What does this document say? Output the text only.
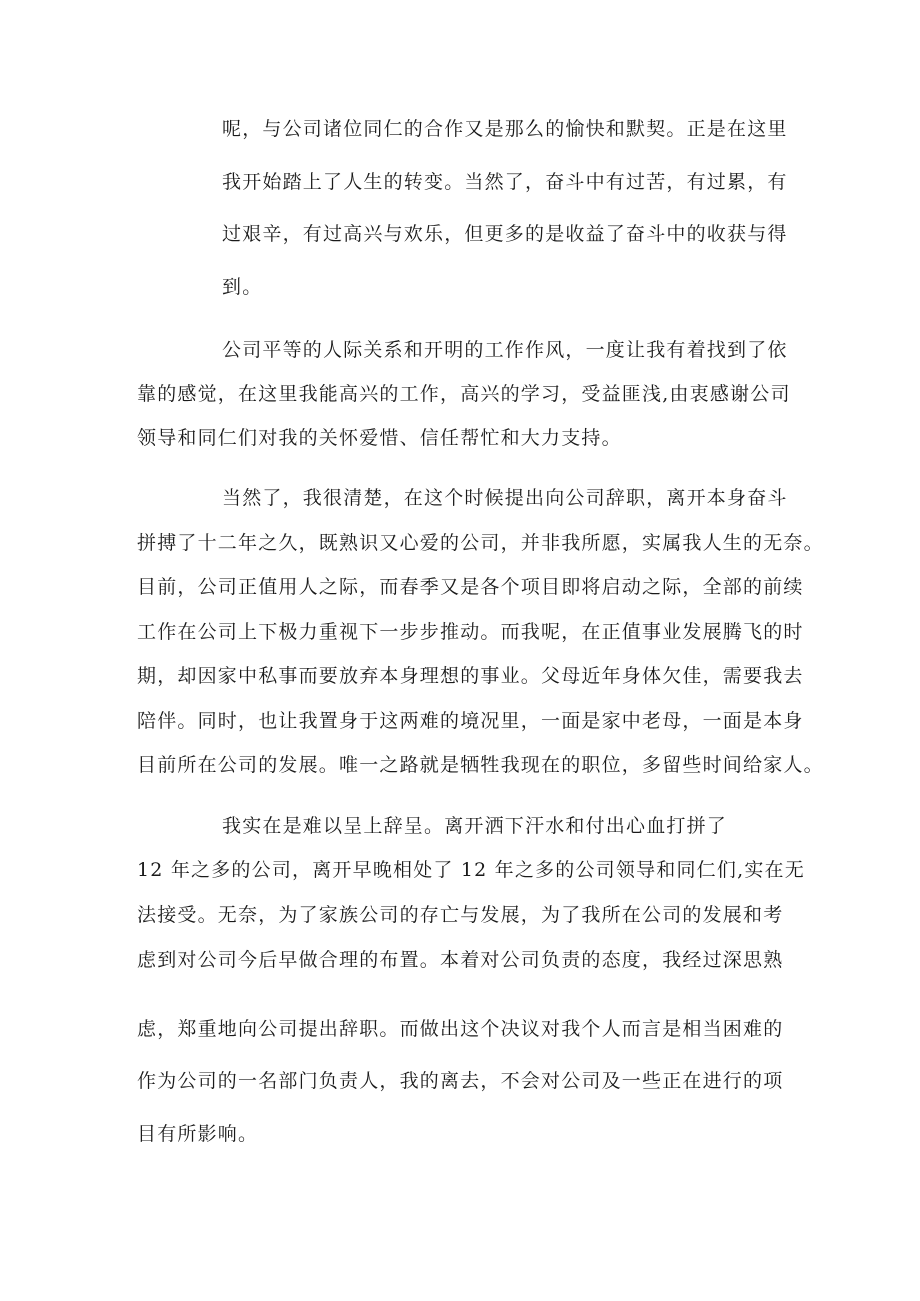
呢，与公司诸位同仁的合作又是那么的愉快和默契。正是在这里
我开始踏上了人生的转变。当然了，奋斗中有过苦，有过累，有
过艰辛，有过高兴与欢乐，但更多的是收益了奋斗中的收获与得
到。
公司平等的人际关系和开明的工作作风，一度让我有着找到了依
靠的感觉，在这里我能高兴的工作，高兴的学习，受益匪浅,由衷感谢公司
领导和同仁们对我的关怀爱惜、信任帮忙和大力支持。
当然了，我很清楚，在这个时候提出向公司辞职，离开本身奋斗
拼搏了十二年之久，既熟识又心爱的公司，并非我所愿，实属我人生的无奈。
目前，公司正值用人之际，而春季又是各个项目即将启动之际，全部的前续
工作在公司上下极力重视下一步步推动。而我呢，在正值事业发展腾飞的时
期，却因家中私事而要放弃本身理想的事业。父母近年身体欠佳，需要我去
陪伴。同时，也让我置身于这两难的境况里，一面是家中老母，一面是本身
目前所在公司的发展。唯一之路就是牺牲我现在的职位，多留些时间给家人。
我实在是难以呈上辞呈。离开洒下汗水和付出心血打拼了
12 年之多的公司，离开早晚相处了 12 年之多的公司领导和同仁们,实在无
法接受。无奈，为了家族公司的存亡与发展，为了我所在公司的发展和考
虑到对公司今后早做合理的布置。本着对公司负责的态度，我经过深思熟
虑，郑重地向公司提出辞职。而做出这个决议对我个人而言是相当困难的
作为公司的一名部门负责人，我的离去，不会对公司及一些正在进行的项
目有所影响。
